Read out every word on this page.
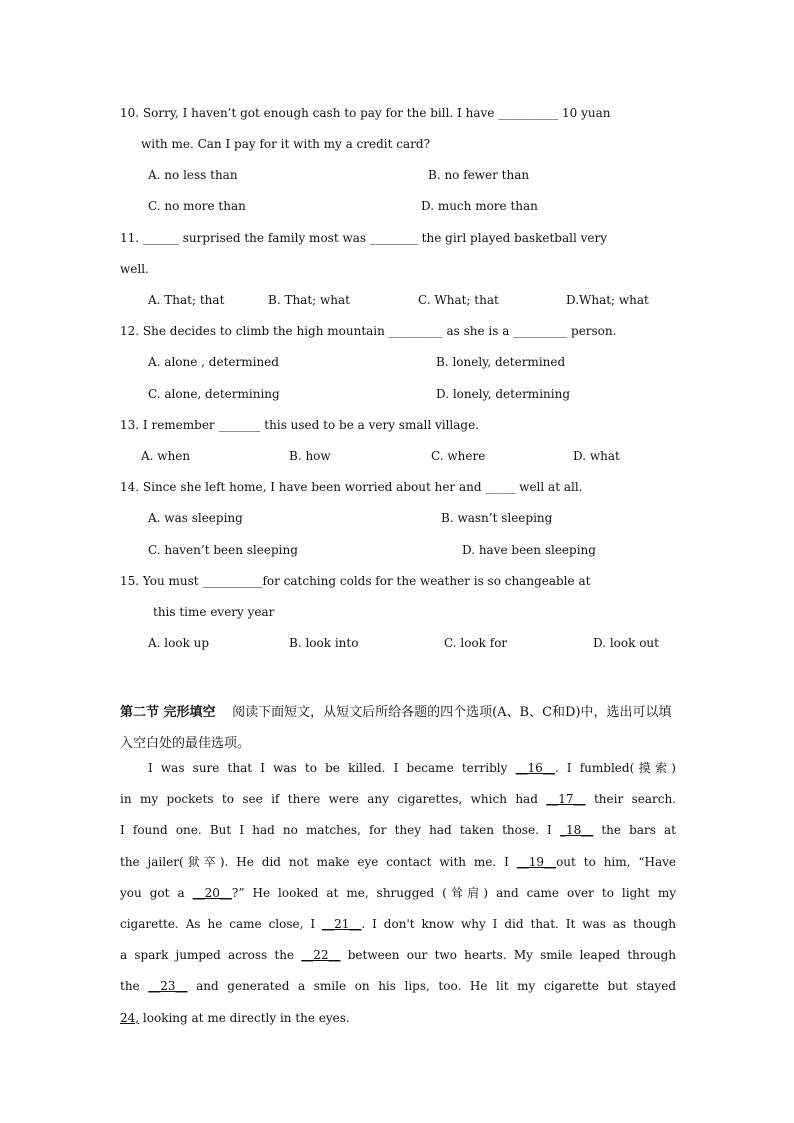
10. Sorry, I haven’t got enough cash to pay for the bill. I have __________ 10 yuan
with me. Can I pay for it with my a credit card?
A. no less than	B. no fewer than
C. no more than	D. much more than
11. ______ surprised the family most was ________ the girl played basketball very
well.
A. That; that	B. That; what	C. What; that	D.What; what
12. She decides to climb the high mountain _________ as she is a _________ person.
A. alone , determined	B. lonely, determined
C. alone, determining	D. lonely, determining
13. I remember _______ this used to be a very small village.
A. when	B. how	C. where	D. what
14. Since she left home, I have been worried about her and _____ well at all.
A. was sleeping	B. wasn’t sleeping
C. haven’t been sleeping	D. have been sleeping
15. You must __________for catching colds for the weather is so changeable at
this time every year
A. look up	B. look into	C. look for	D. look out
第二节 完形填空 阅读下面短文，从短文后所给各题的四个选项(A、B、C和D)中，选出可以填入空白处的最佳选项。
I was sure that I was to be killed. I became terribly __16__. I fumbled(摸索)
in my pockets to see if there were any cigarettes, which had __17__ their search.
I found one. But I had no matches, for they had taken those. I _18__ the bars at
the jailer(狱卒). He did not make eye contact with me. I __19__out to him, “Have
you got a __20__?” He looked at me, shrugged (耸肩) and came over to light my
cigarette. As he came close, I __21__. I don't know why I did that. It was as though
a spark jumped across the __22__ between our two hearts. My smile leaped through
the __23__ and generated a smile on his lips, too. He lit my cigarette but stayed
24, looking at me directly in the eyes.
